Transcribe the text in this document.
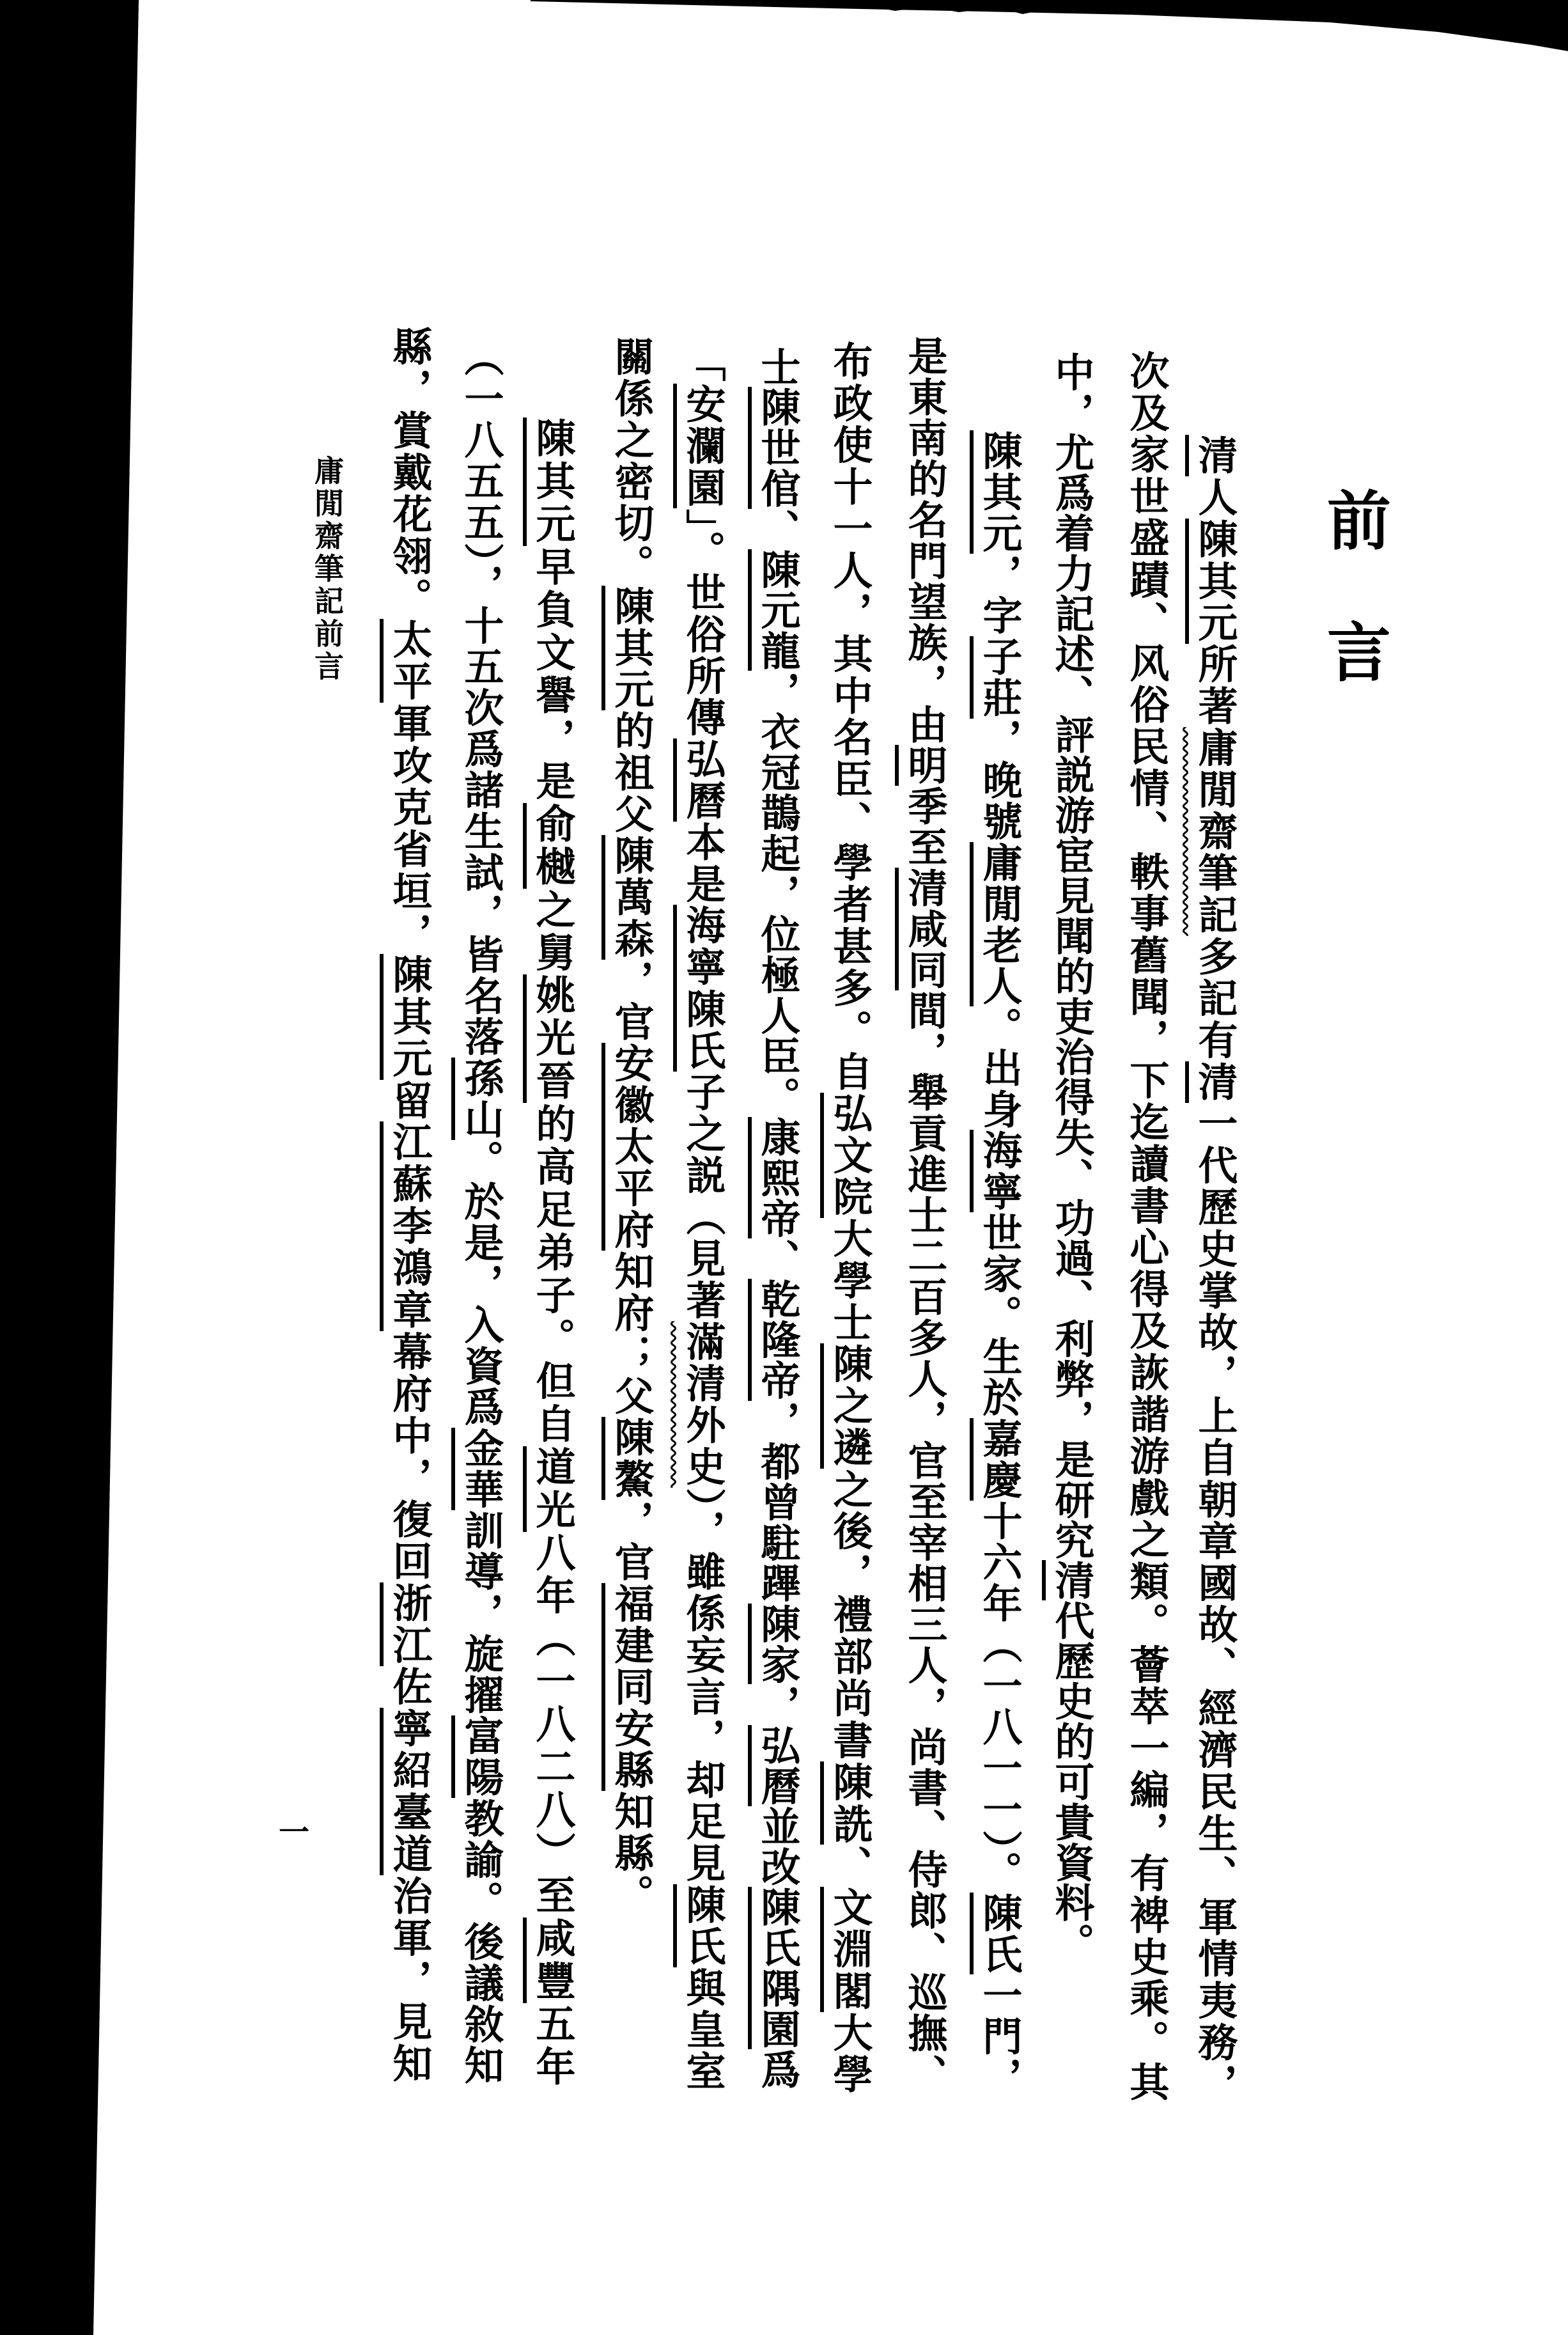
前言
清人陳其元所著庸閒齋筆記多記有清一代歷史掌故，上自朝章國故、經濟民生、軍情夷務，
次及家世盛蹟、风俗民情、軼事舊聞，下迄讀書心得及詼諧游戲之類。薈萃一編，有裨史乘。其
中，尤爲着力記述、評説游宦見聞的吏治得失、功過、利弊，是研究清代歷史的可貴資料。
陳其元，字子莊，晚號庸閒老人。出身海寧世家。生於嘉慶十六年（一八一一）。陳氏一門，
是東南的名門望族，由明季至清咸同間，舉貢進士二百多人，官至宰相三人，尚書、侍郎、巡撫、
布政使十一人，其中名臣、學者甚多。自弘文院大學士陳之遴之後，禮部尚書陳詵、文淵閣大學
士陳世倌、陳元龍，衣冠鵲起，位極人臣。康熙帝、乾隆帝，都曾駐蹕陳家，弘曆並改陳氏隅園爲
「安瀾園」。世俗所傳弘曆本是海寧陳氏子之説（見著滿清外史），雖係妄言，却足見陳氏與皇室
關係之密切。陳其元的祖父陳萬森，官安徽太平府知府；父陳鰲，官福建同安縣知縣。
陳其元早負文譽，是俞樾之舅姚光晉的高足弟子。但自道光八年（一八二八）至咸豐五年
（一八五五），十五次爲諸生試，皆名落孫山。於是，入資爲金華訓導，旋擢富陽教諭。後議敘知
縣，賞戴花翎。太平軍攻克省垣，陳其元留江蘇李鴻章幕府中，復回浙江佐寧紹臺道治軍，見知
庸閒齋筆記前言
一
